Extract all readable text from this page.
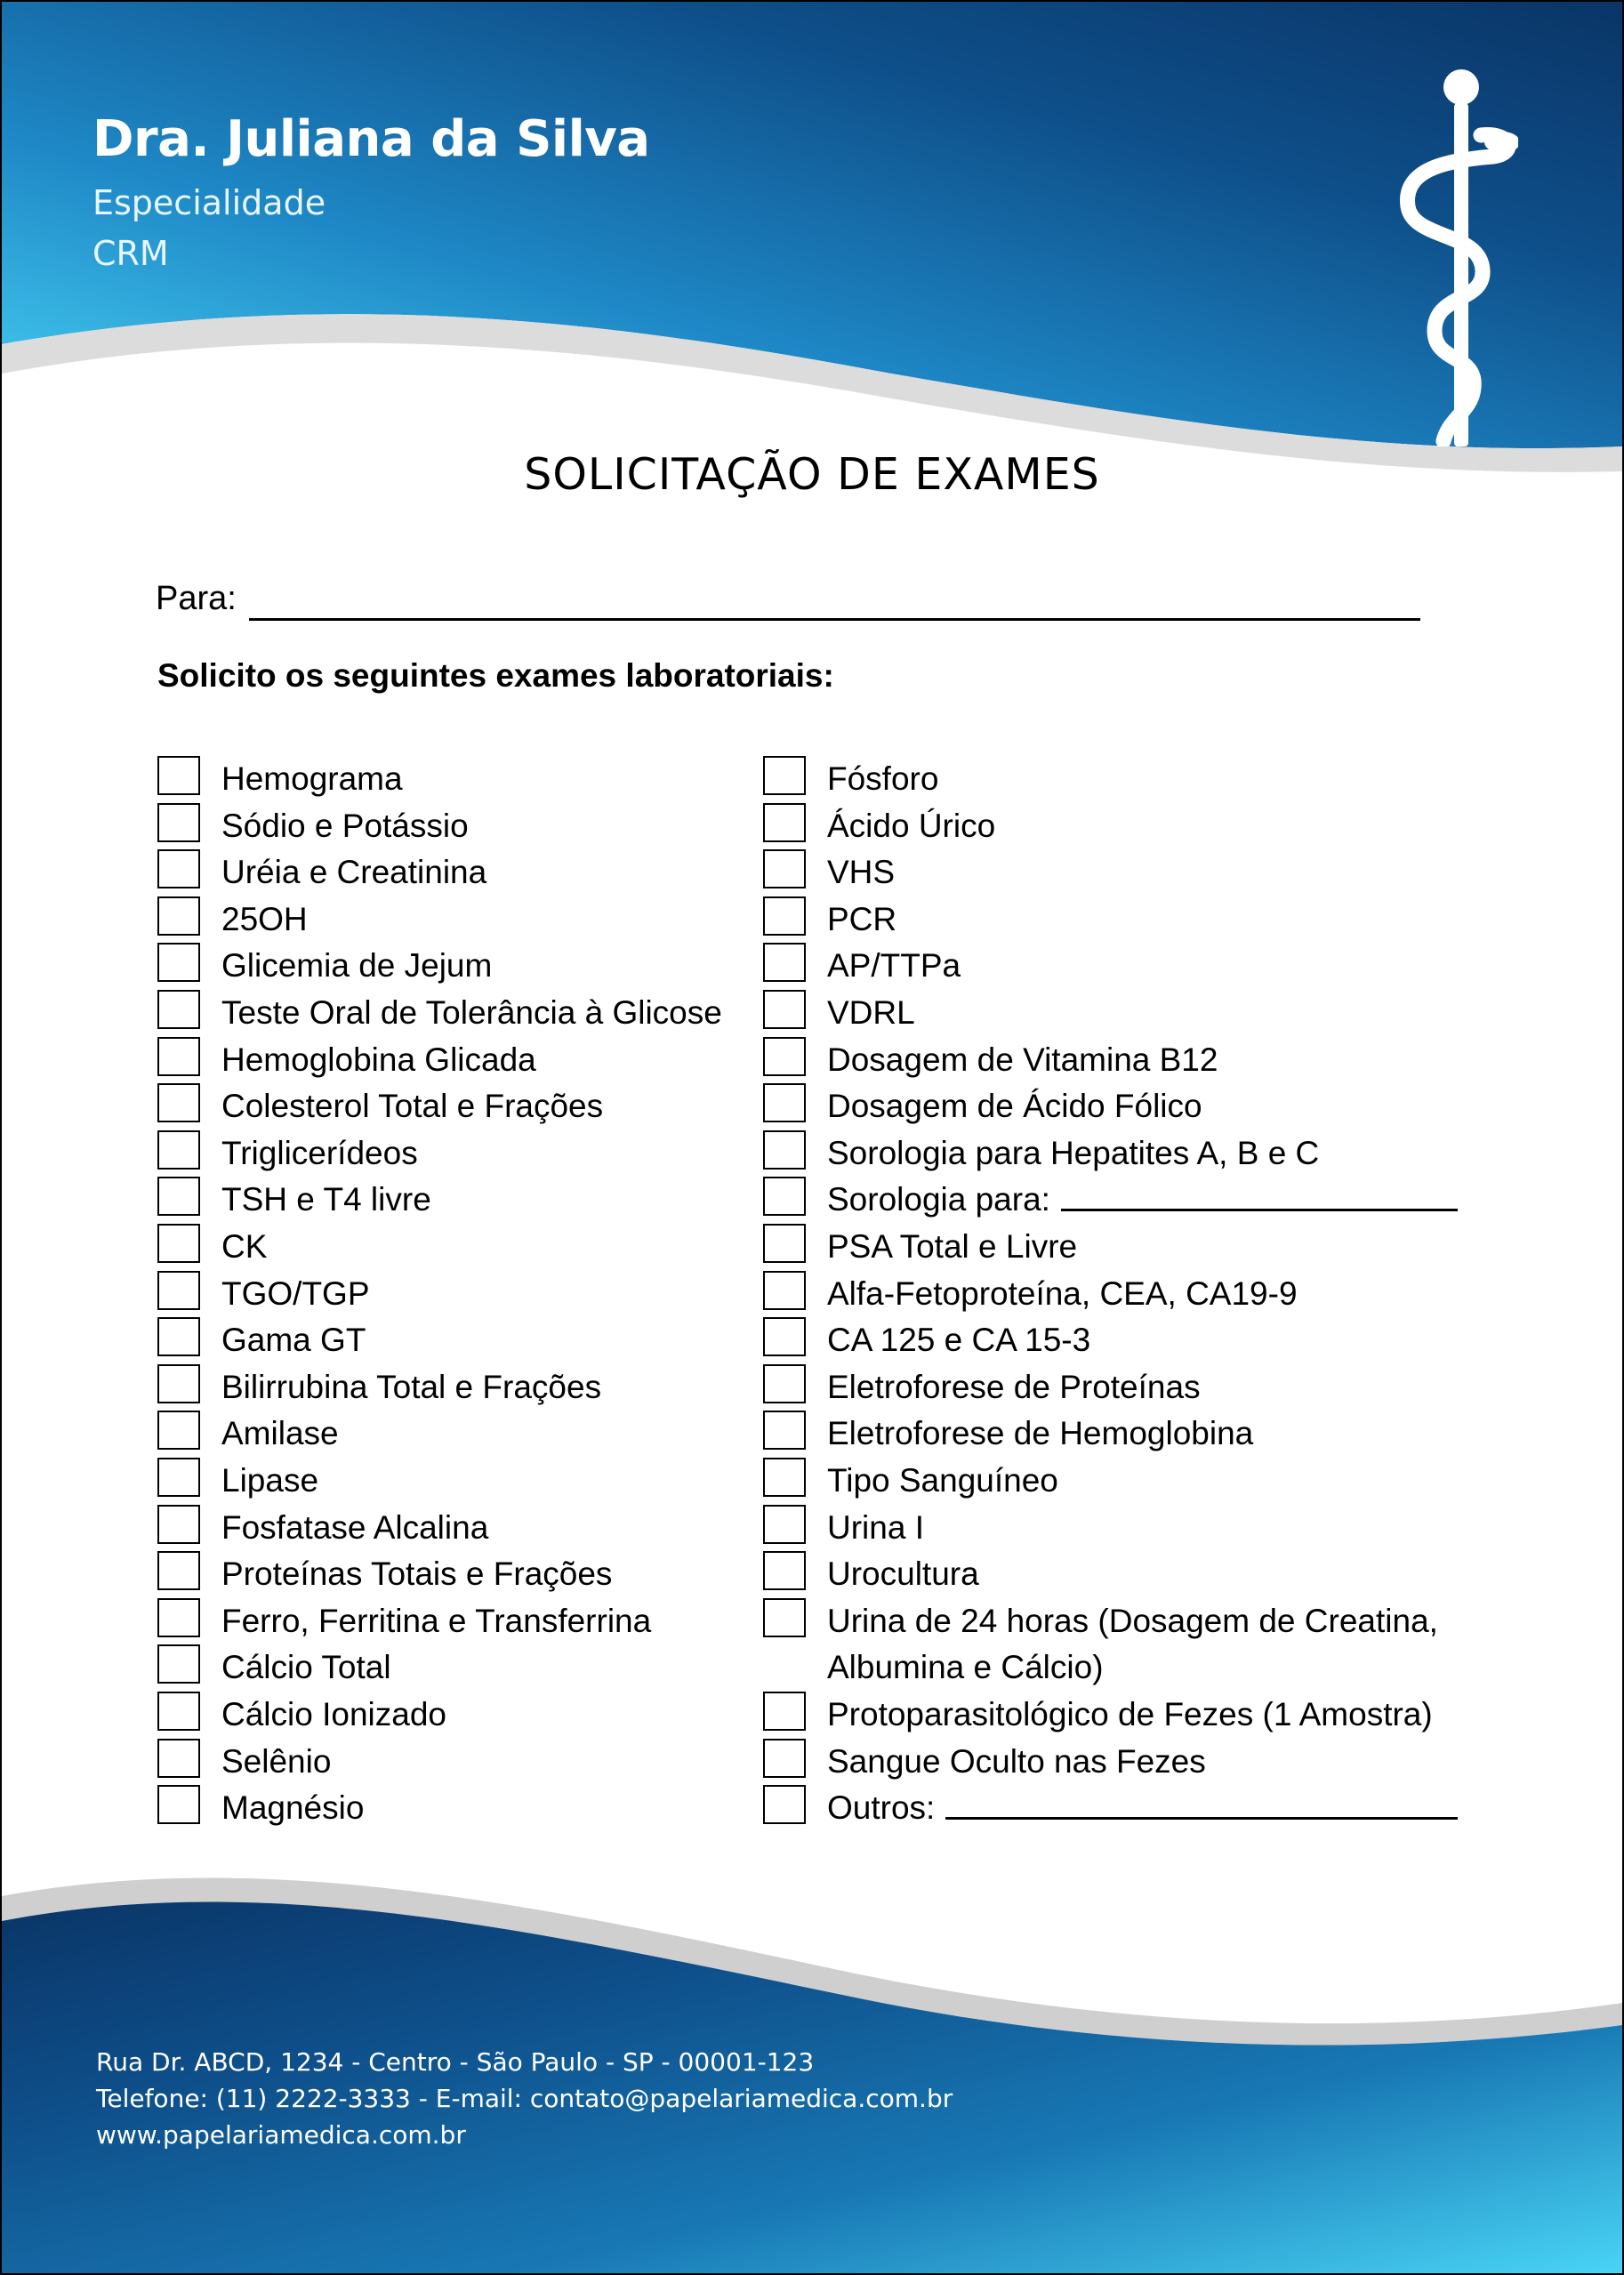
Dra. Juliana da Silva
Especialidade
CRM
SOLICITAÇÃO DE EXAMES
Para:
Solicito os seguintes exames laboratoriais:
Hemograma
Sódio e Potássio
Uréia e Creatinina
25OH
Glicemia de Jejum
Teste Oral de Tolerância à Glicose
Hemoglobina Glicada
Colesterol Total e Frações
Triglicerídeos
TSH e T4 livre
CK
TGO/TGP
Gama GT
Bilirrubina Total e Frações
Amilase
Lipase
Fosfatase Alcalina
Proteínas Totais e Frações
Ferro, Ferritina e Transferrina
Cálcio Total
Cálcio Ionizado
Selênio
Magnésio
Fósforo
Ácido Úrico
VHS
PCR
AP/TTPa
VDRL
Dosagem de Vitamina B12
Dosagem de Ácido Fólico
Sorologia para Hepatites A, B e C
Sorologia para:
PSA Total e Livre
Alfa-Fetoproteína, CEA, CA19-9
CA 125 e CA 15-3
Eletroforese de Proteínas
Eletroforese de Hemoglobina
Tipo Sanguíneo
Urina I
Urocultura
Urina de 24 horas (Dosagem de Creatina,
Albumina e Cálcio)
Protoparasitológico de Fezes (1 Amostra)
Sangue Oculto nas Fezes
Outros:
Rua Dr. ABCD, 1234 - Centro - São Paulo - SP - 00001-123
Telefone: (11) 2222-3333 - E-mail: contato@papelariamedica.com.br
www.papelariamedica.com.br
